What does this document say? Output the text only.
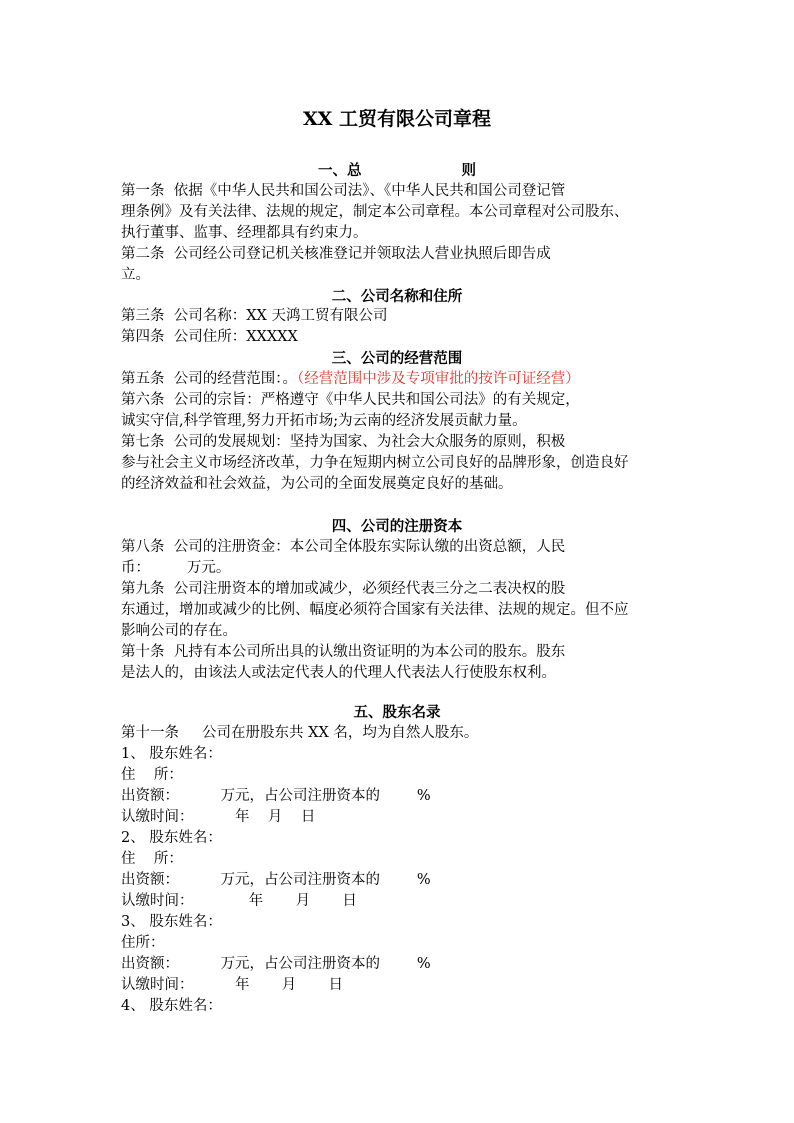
XX 工贸有限公司章程
一、总	则
第一条  依据《中华人民共和国公司法》、《中华人民共和国公司登记管
理条例》及有关法律、法规的规定，制定本公司章程。本公司章程对公司股东、
执行董事、监事、经理都具有约束力。
第二条  公司经公司登记机关核准登记并领取法人营业执照后即告成
立。
二、公司名称和住所
第三条  公司名称：XX 天鸿工贸有限公司
第四条  公司住所：XXXXX
三、公司的经营范围
第五条  公司的经营范围：。（经营范围中涉及专项审批的按许可证经营）
第六条  公司的宗旨：严格遵守《中华人民共和国公司法》的有关规定，
诚实守信,科学管理,努力开拓市场;为云南的经济发展贡献力量。
第七条  公司的发展规划：坚持为国家、为社会大众服务的原则，积极
参与社会主义市场经济改革，力争在短期内树立公司良好的品牌形象，创造良好
的经济效益和社会效益，为公司的全面发展奠定良好的基础。
四、公司的注册资本
第八条  公司的注册资金：本公司全体股东实际认缴的出资总额，人民
币：        万元。
第九条  公司注册资本的增加或减少，必须经代表三分之二表决权的股
东通过，增加或减少的比例、幅度必须符合国家有关法律、法规的规定。但不应
影响公司的存在。
第十条  凡持有本公司所出具的认缴出资证明的为本公司的股东。股东
是法人的，由该法人或法定代表人的代理人代表法人行使股东权利。
五、股东名录
第十一条     公司在册股东共 XX 名，均为自然人股东。
1、 股东姓名：
住    所：
出资额：         万元，占公司注册资本的        %
认缴时间：         年    月    日
2、 股东姓名：
住    所：
出资额：         万元，占公司注册资本的        %
认缴时间：            年       月       日
3、 股东姓名：
住所：
出资额：         万元，占公司注册资本的        %
认缴时间：         年       月       日
4、 股东姓名：
